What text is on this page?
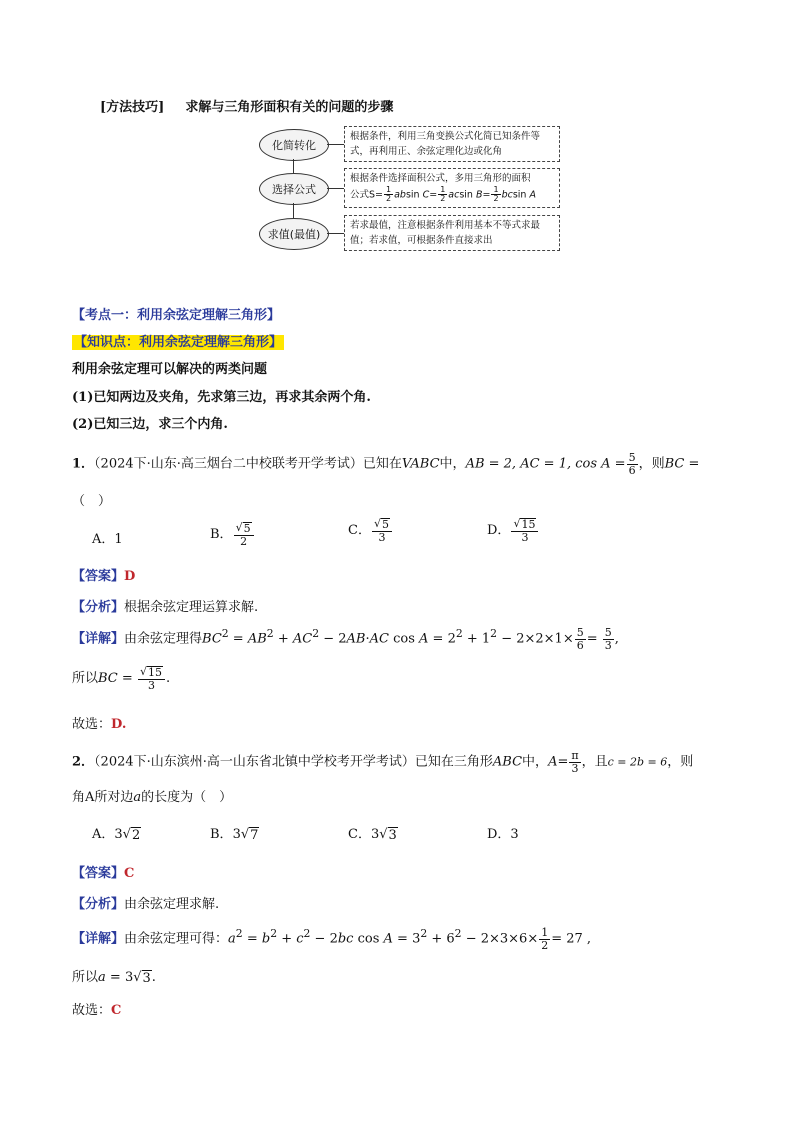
[方法技巧] 求解与三角形面积有关的问题的步骤
化简转化
选择公式
求值(最值)
根据条件，利用三角变换公式化简已知条件等式，再利用正、余弦定理化边或化角
根据条件选择面积公式，多用三角形的面积
公式$S= \frac{1}{2}$ absin $C= \frac{1}{2}$ acsin $B= \frac{1}{2}$ bcsin A
若求最值，注意根据条件利用基本不等式求最值；若求值，可根据条件直接求出
【考点一：利用余弦定理解三角形】
【知识点：利用余弦定理解三角形】
利用余弦定理可以解决的两类问题
(1)已知两边及夹角，先求第三边，再求其余两个角.
(2)已知三边，求三个内角.
1．（2024下·山东·高三烟台二中校联考开学考试）已知在VABC中，AB = 2, AC = 1, $\cos A = \frac{5}{6}$ ，则BC =
（　）
A．1	B． $\frac{√ 5}{2}$	C． $\frac{√ 5}{3}$	D． $\frac{√ 15}{3}$
【答案】D
【分析】根据余弦定理运算求解.
【详解】由余弦定理得$BC^2 = AB^2 + AC^2 - 2AB\cdot AC$ $\cos A = 2^2 + 1^2 - 2\times 2\times 1\times \frac{5}{6} = \frac{5}{3}$ ,
所以BC = $\frac{√ 15}{3}$ .
故选：D.
2．（2024下·山东滨州·高一山东省北镇中学校考开学考试）已知在三角形ABC中，$A= \frac{\pi}{3}$ ，且c = 2b = 6，则
角A所对边a的长度为（　）
A．3√ 2	B．3√ 7	C．3√ 3	D．3
【答案】C
【分析】由余弦定理求解.
【详解】由余弦定理可得：$a^2 = b^2 + c^2 - 2bc$ $\cos A = 3^2 + 6^2 - 2\times 3\times 6\times \frac{1}{2} = 27$ ,
所以a = 3√ 3 .
故选：C
